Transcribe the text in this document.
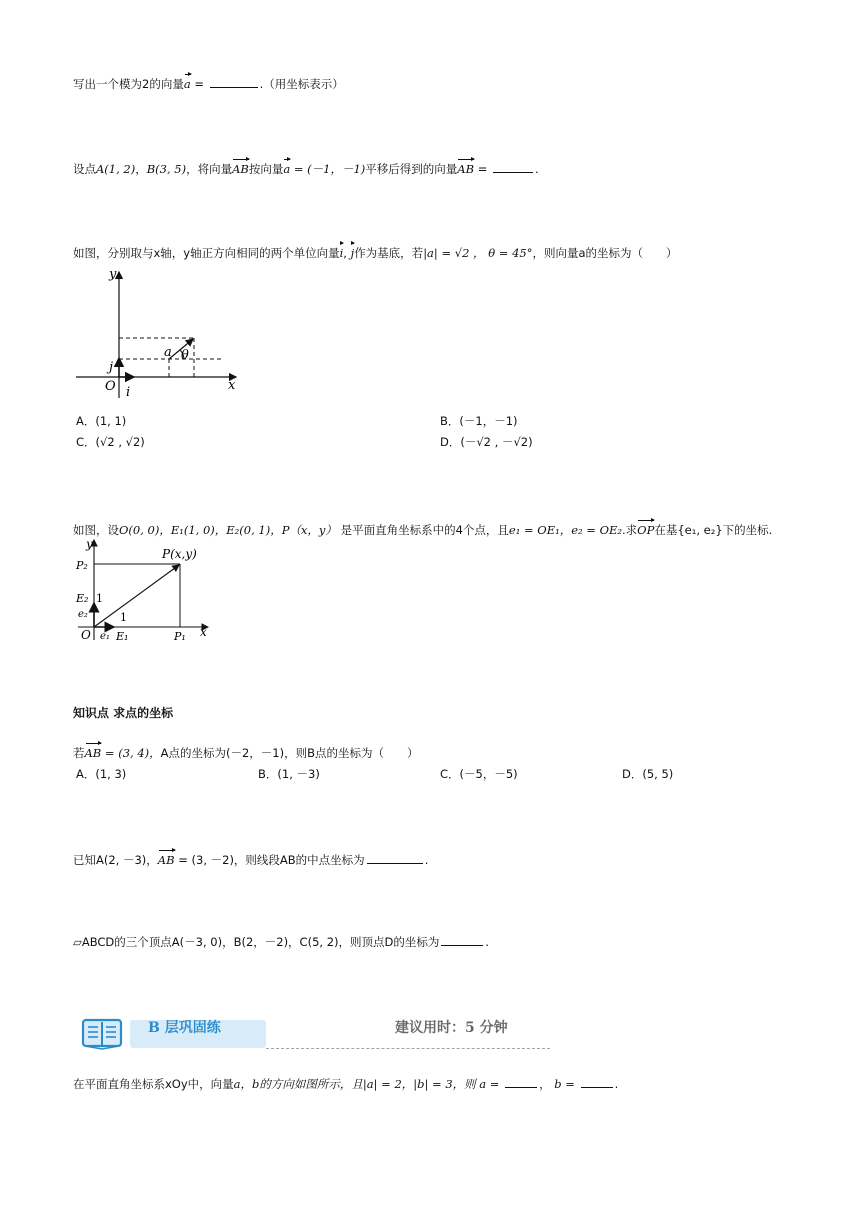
写出一个模为2的向量a =	.（用坐标表示）
设点A(1, 2)，B(3, 5)，将向量AB按向量a = (－1，－1)平移后得到的向量AB =	.
如图，分别取与x轴，y轴正方向相同的两个单位向量i, j作为基底，若|a| = √2 ， θ = 45°，则向量a的坐标为（　　）
y
x
O
a θ
j
i
A．(1, 1)	B．(－1，－1)
C．(√2 , √2)	D．(－√2 , －√2)
如图，设O(0, 0)，E₁(1, 0)，E₂(0, 1)，P（x，y） 是平面直角坐标系中的4个点，且e₁ = OE₁，e₂ = OE₂.求OP在基{e₁, e₂}下的坐标.
y
x
O
P(x,y)
P₂
P₁
E₂
E₁
1
1
e₂
e₁
知识点 求点的坐标
若AB = (3, 4)，A点的坐标为(－2，－1)，则B点的坐标为（　　）
A．(1, 3)	B．(1, －3)	C．(－5，－5)	D．(5, 5)
已知A(2, －3)，AB = (3, －2)，则线段AB的中点坐标为	.
▱ABCD的三个顶点A(－3, 0)，B(2，－2)，C(5, 2)，则顶点D的坐标为	.
B 层巩固练	建议用时：5 分钟
在平面直角坐标系xOy中，向量a，b的方向如图所示，且|a| = 2，|b| = 3，则 a =	， b =	.
